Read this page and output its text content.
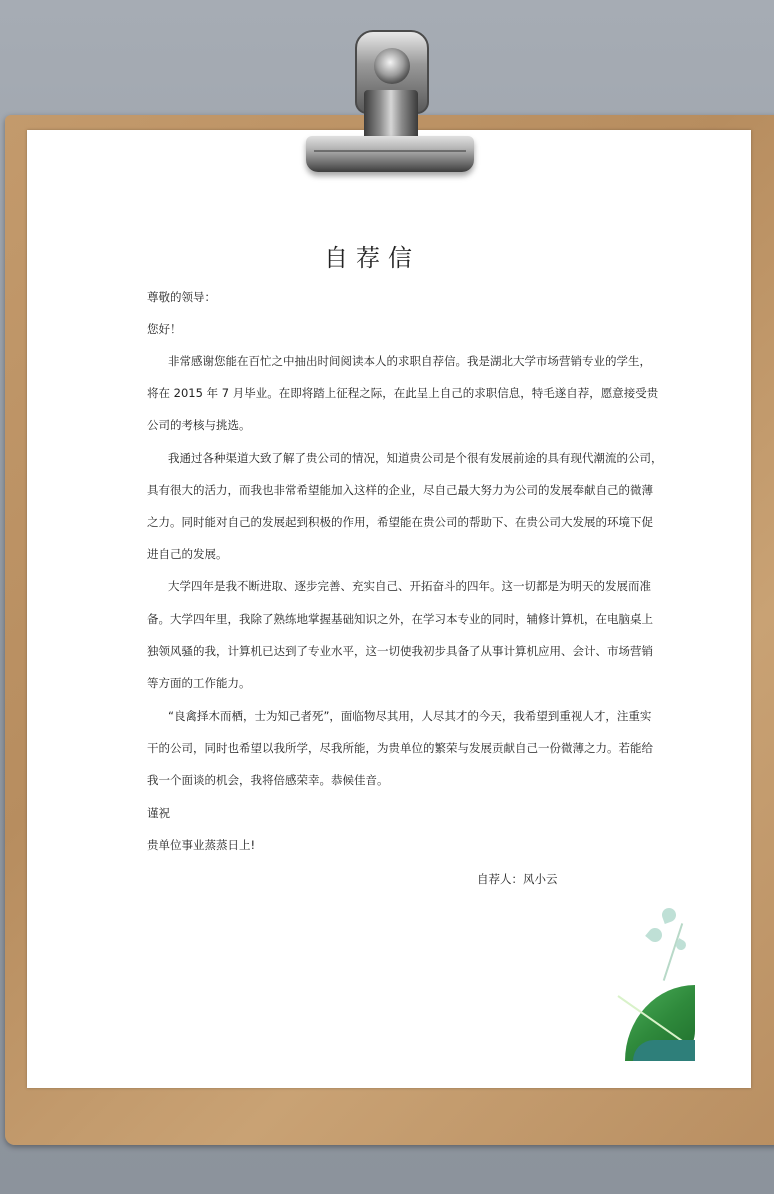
自荐信
尊敬的领导：
您好！
非常感谢您能在百忙之中抽出时间阅读本人的求职自荐信。我是湖北大学市场营销专业的学生，
将在 2015 年 7 月毕业。在即将踏上征程之际，在此呈上自己的求职信息，特毛遂自荐，愿意接受贵
公司的考核与挑选。
我通过各种渠道大致了解了贵公司的情况，知道贵公司是个很有发展前途的具有现代潮流的公司，
具有很大的活力，而我也非常希望能加入这样的企业，尽自己最大努力为公司的发展奉献自己的微薄
之力。同时能对自己的发展起到积极的作用，希望能在贵公司的帮助下、在贵公司大发展的环境下促
进自己的发展。
大学四年是我不断进取、逐步完善、充实自己、开拓奋斗的四年。这一切都是为明天的发展而准
备。大学四年里，我除了熟练地掌握基础知识之外，在学习本专业的同时，辅修计算机，在电脑桌上
独领风骚的我，计算机已达到了专业水平，这一切使我初步具备了从事计算机应用、会计、市场营销
等方面的工作能力。
“良禽择木而栖，士为知己者死”，面临物尽其用，人尽其才的今天，我希望到重视人才，注重实
干的公司，同时也希望以我所学，尽我所能，为贵单位的繁荣与发展贡献自己一份微薄之力。若能给
我一个面谈的机会，我将倍感荣幸。恭候佳音。
谨祝
贵单位事业蒸蒸日上!
自荐人：风小云
